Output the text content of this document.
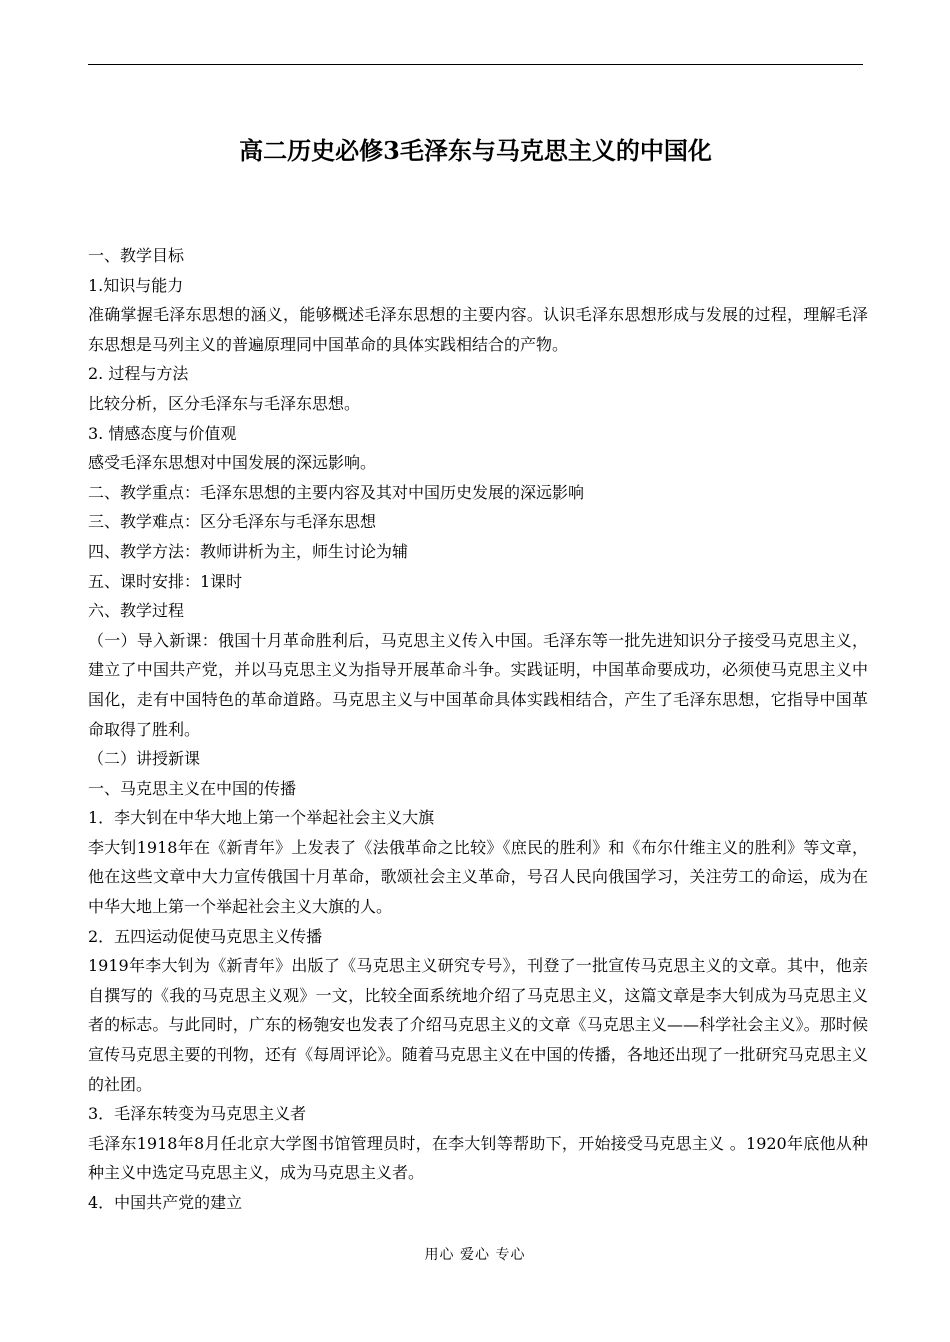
高二历史必修3毛泽东与马克思主义的中国化

一、教学目标

1.知识与能力

准确掌握毛泽东思想的涵义，能够概述毛泽东思想的主要内容。认识毛泽东思想形成与发展的过程，理解毛泽东思想是马列主义的普遍原理同中国革命的具体实践相结合的产物。

2. 过程与方法

比较分析，区分毛泽东与毛泽东思想。

3. 情感态度与价值观

感受毛泽东思想对中国发展的深远影响。

二、教学重点：毛泽东思想的主要内容及其对中国历史发展的深远影响

三、教学难点：区分毛泽东与毛泽东思想

四、教学方法：教师讲析为主，师生讨论为辅

五、课时安排：1课时

六、教学过程

（一）导入新课：俄国十月革命胜利后，马克思主义传入中国。毛泽东等一批先进知识分子接受马克思主义，建立了中国共产党，并以马克思主义为指导开展革命斗争。实践证明，中国革命要成功，必须使马克思主义中国化，走有中国特色的革命道路。马克思主义与中国革命具体实践相结合，产生了毛泽东思想，它指导中国革命取得了胜利。

（二）讲授新课

一、马克思主义在中国的传播

1．李大钊在中华大地上第一个举起社会主义大旗

李大钊1918年在《新青年》上发表了《法俄革命之比较》《庶民的胜利》和《布尔什维主义的胜利》等文章，他在这些文章中大力宣传俄国十月革命，歌颂社会主义革命，号召人民向俄国学习，关注劳工的命运，成为在中华大地上第一个举起社会主义大旗的人。

2．五四运动促使马克思主义传播

1919年李大钊为《新青年》出版了《马克思主义研究专号》，刊登了一批宣传马克思主义的文章。其中，他亲自撰写的《我的马克思主义观》一文，比较全面系统地介绍了马克思主义，这篇文章是李大钊成为马克思主义者的标志。与此同时，广东的杨匏安也发表了介绍马克思主义的文章《马克思主义——科学社会主义》。那时候宣传马克思主要的刊物，还有《每周评论》。随着马克思主义在中国的传播，各地还出现了一批研究马克思主义的社团。

3．毛泽东转变为马克思主义者

毛泽东1918年8月任北京大学图书馆管理员时，在李大钊等帮助下，开始接受马克思主义 。1920年底他从种种主义中选定马克思主义，成为马克思主义者。

4．中国共产党的建立

用心 爱心 专心
